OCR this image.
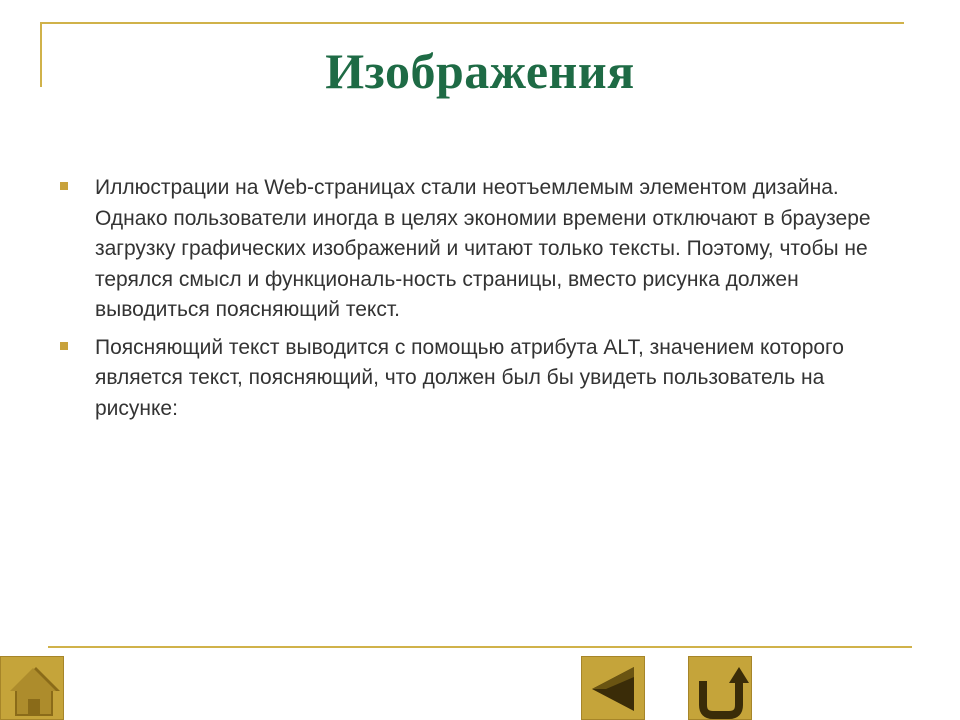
Изображения
Иллюстрации на Web-страницах стали неотъемлемым элементом дизайна. Однако пользователи иногда в целях экономии времени отключают в браузере загрузку графических изображений и читают только тексты. Поэтому, чтобы не терялся смысл и функциональ-ность страницы, вместо рисунка должен выводиться поясняющий текст.
Поясняющий текст выводится с помощью атрибута ALT, значением которого является текст, поясняющий, что должен был бы увидеть пользователь на рисунке:
